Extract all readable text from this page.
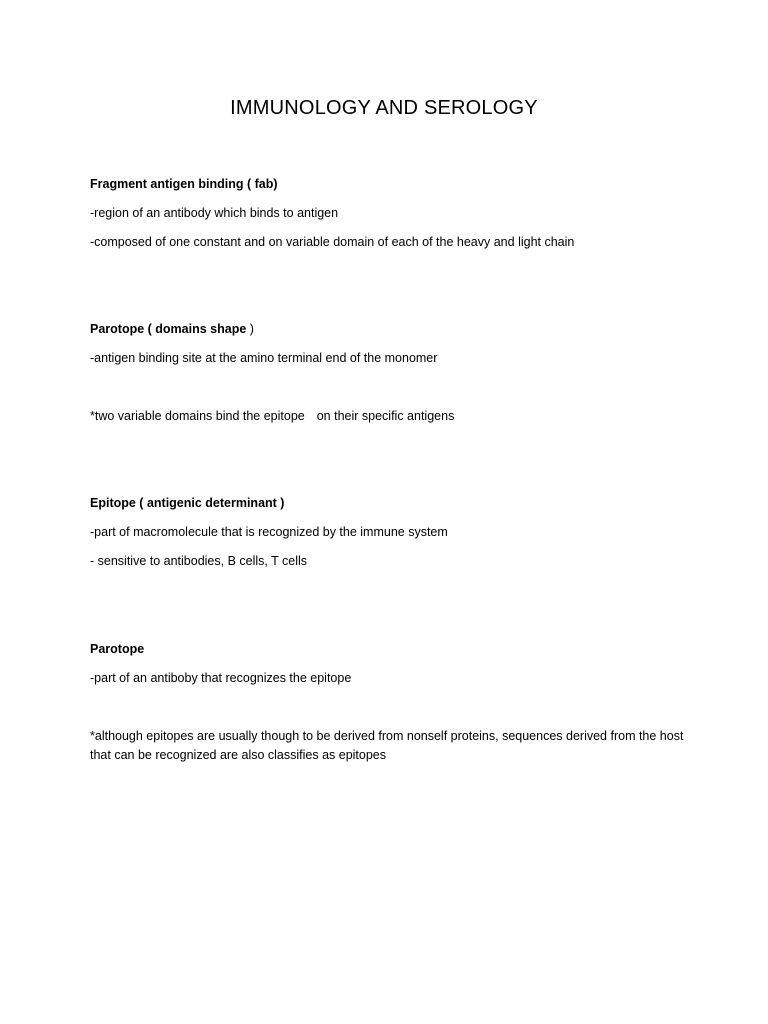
IMMUNOLOGY AND SEROLOGY
Fragment antigen binding ( fab)
-region of an antibody which binds to antigen
-composed of one constant and on variable domain of each of the heavy and light chain
Parotope ( domains shape )
-antigen binding site at the amino terminal end of the monomer
*two variable domains bind the epitope on their specific antigens
Epitope ( antigenic determinant )
-part of macromolecule that is recognized by the immune system
- sensitive to antibodies, B cells, T cells
Parotope
-part of an antiboby that recognizes the epitope
*although epitopes are usually though to be derived from nonself proteins, sequences derived from the host that can be recognized are also classifies as epitopes
